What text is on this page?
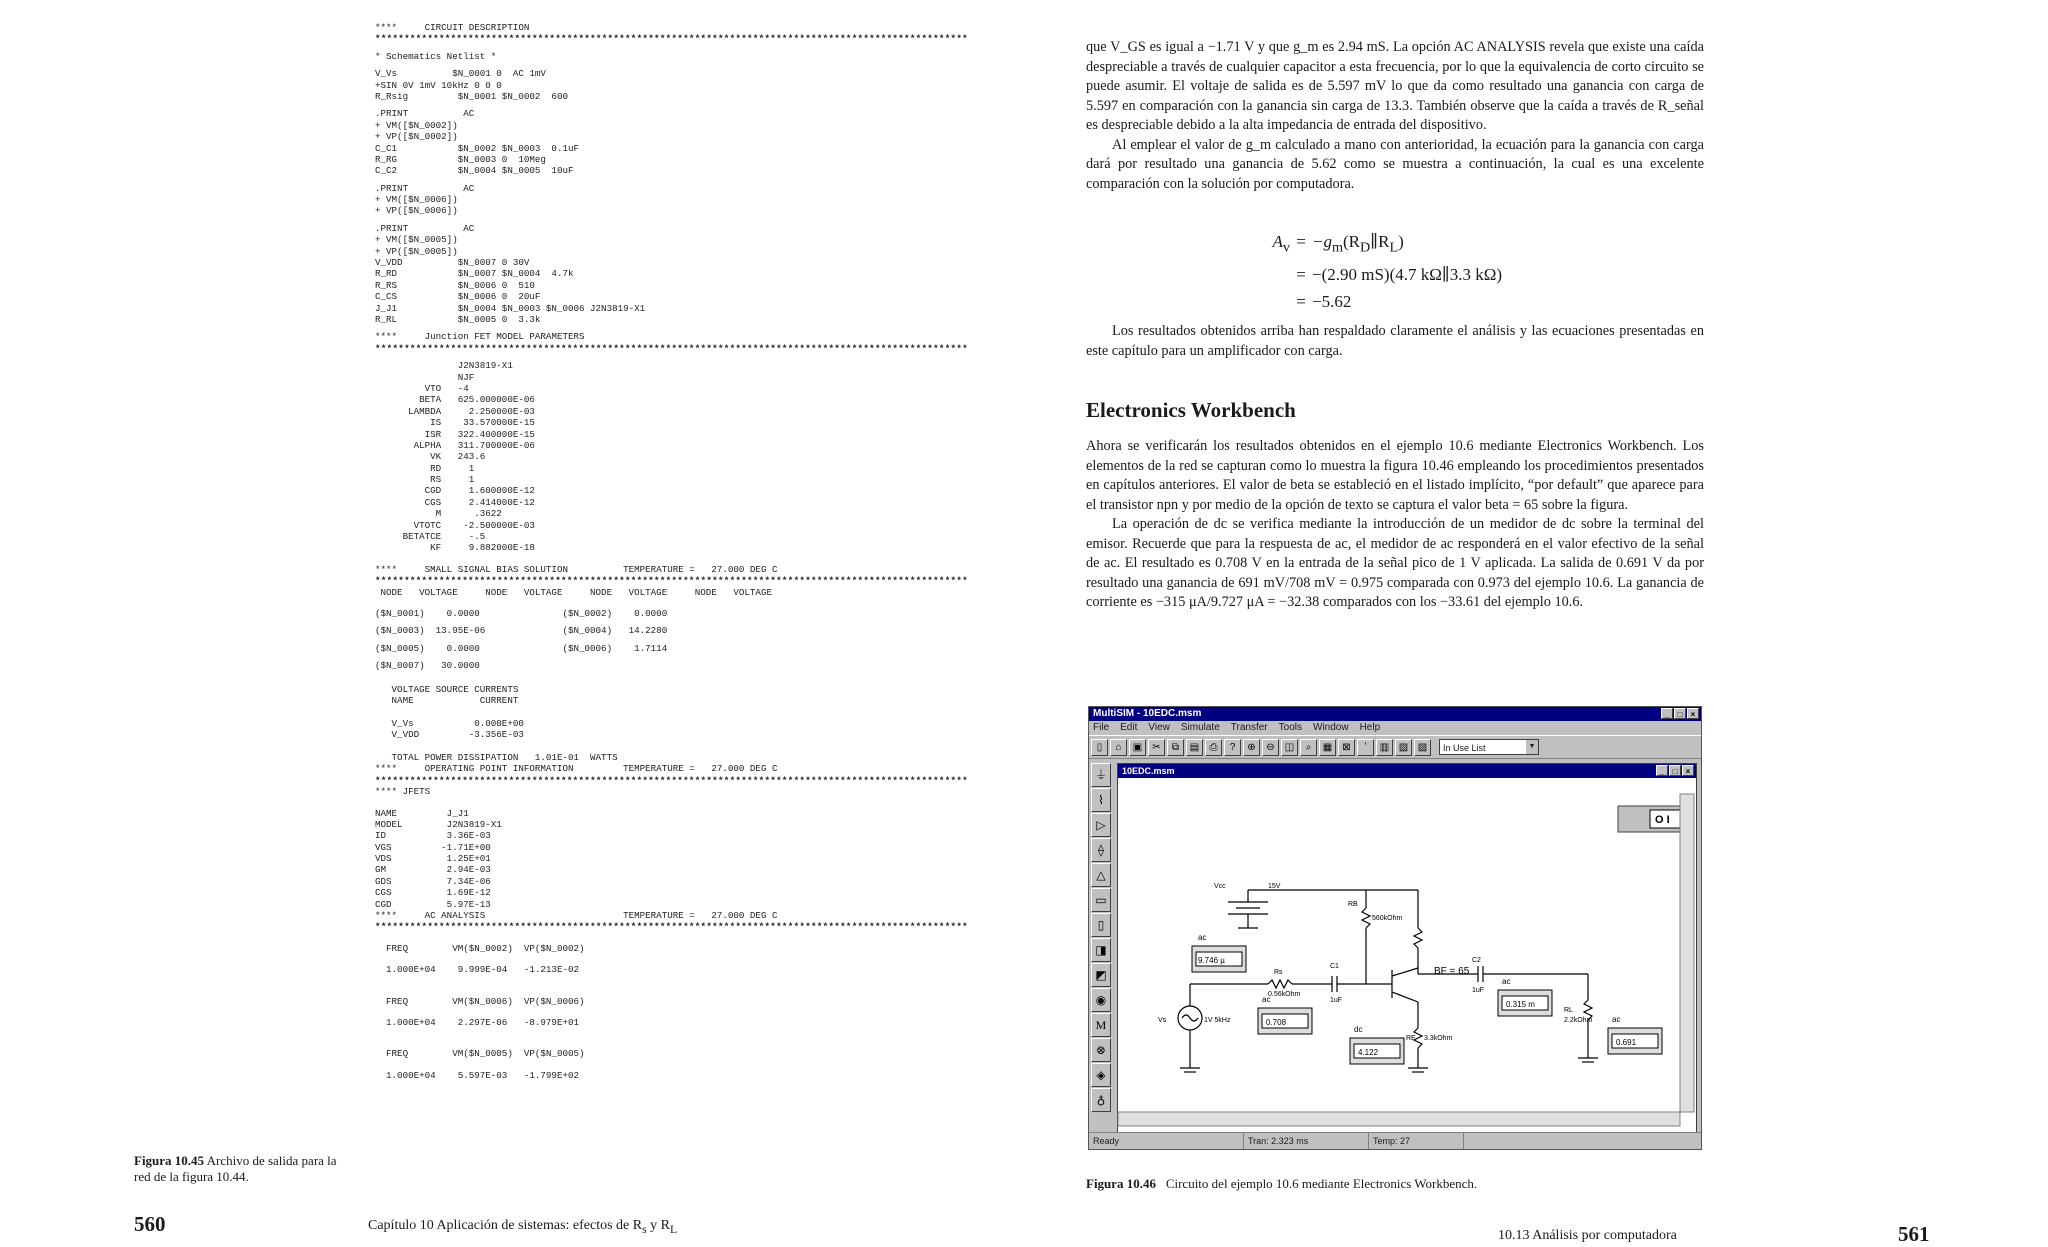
****     CIRCUIT DESCRIPTION
******************************************************************************************************
* Schematics Netlist *
V_Vs          $N_0001 0  AC 1mV
+SIN 0V 1mV 10kHz 0 0 0
R_Rsig         $N_0001 $N_0002  600
.PRINT          AC
+ VM([$N_0002])
+ VP([$N_0002])
C_C1           $N_0002 $N_0003  0.1uF
R_RG           $N_0003 0  10Meg
C_C2           $N_0004 $N_0005  10uF
.PRINT          AC
+ VM([$N_0006])
+ VP([$N_0006])
.PRINT          AC
+ VM([$N_0005])
+ VP([$N_0005])
V_VDD          $N_0007 0 30V
R_RD           $N_0007 $N_0004  4.7k
R_RS           $N_0006 0  510
C_CS           $N_0006 0  20uF
J_J1           $N_0004 $N_0003 $N_0006 J2N3819-X1
R_RL           $N_0005 0  3.3k
****     Junction FET MODEL PARAMETERS
******************************************************************************************************
J2N3819-X1
NJF
VTO   -4
BETA   625.000000E-06
LAMBDA     2.250000E-03
IS    33.570000E-15
ISR   322.400000E-15
ALPHA   311.700000E-06
VK   243.6
RD     1
RS     1
CGD     1.600000E-12
CGS     2.414000E-12
M      .3622
VTOTC    -2.500000E-03
BETATCE     -.5
KF     9.882000E-18
****     SMALL SIGNAL BIAS SOLUTION          TEMPERATURE =   27.000 DEG C
******************************************************************************************************
NODE   VOLTAGE     NODE   VOLTAGE     NODE   VOLTAGE     NODE   VOLTAGE
($N_0001)    0.0000               ($N_0002)    0.0000
($N_0003)  13.95E-06              ($N_0004)   14.2280
($N_0005)    0.0000               ($N_0006)    1.7114
($N_0007)   30.0000
VOLTAGE SOURCE CURRENTS
NAME            CURRENT
V_Vs           0.000E+00
V_VDD         -3.356E-03
TOTAL POWER DISSIPATION   1.01E-01  WATTS
****     OPERATING POINT INFORMATION         TEMPERATURE =   27.000 DEG C
******************************************************************************************************
**** JFETS
NAME         J_J1
MODEL        J2N3819-X1
ID           3.36E-03
VGS         -1.71E+00
VDS          1.25E+01
GM           2.94E-03
GDS          7.34E-06
CGS          1.69E-12
CGD          5.97E-13
****     AC ANALYSIS                         TEMPERATURE =   27.000 DEG C
******************************************************************************************************
FREQ        VM($N_0002)  VP($N_0002)
1.000E+04    9.999E-04   -1.213E-02
FREQ        VM($N_0006)  VP($N_0006)
1.000E+04    2.297E-06   -8.979E+01
FREQ        VM($N_0005)  VP($N_0005)
1.000E+04    5.597E-03   -1.799E+02
Figura 10.45 Archivo de salida para la red de la figura 10.44.
560	Capítulo 10 Aplicación de sistemas: efectos de $R_s$ y $R_L$

que V_GS es igual a −1.71 V y que g_m es 2.94 mS. La opción AC ANALYSIS revela que existe una caída despreciable a través de cualquier capacitor a esta frecuencia, por lo que la equivalencia de corto circuito se puede asumir. El voltaje de salida es de 5.597 mV lo que da como resultado una ganancia con carga de 5.597 en comparación con la ganancia sin carga de 13.3. También observe que la caída a través de R_señal es despreciable debido a la alta impedancia de entrada del dispositivo.

Al emplear el valor de g_m calculado a mano con anterioridad, la ecuación para la ganancia con carga dará por resultado una ganancia de 5.62 como se muestra a continuación, la cual es una excelente comparación con la solución por computadora.

$A_v$ = $-g_m(R_D\parallel R_L)$
= −(2.90 mS)(4.7 kΩ∥3.3 kΩ)
= −5.62

Los resultados obtenidos arriba han respaldado claramente el análisis y las ecuaciones presentadas en este capítulo para un amplificador con carga.

Electronics Workbench

Ahora se verificarán los resultados obtenidos en el ejemplo 10.6 mediante Electronics Workbench. Los elementos de la red se capturan como lo muestra la figura 10.46 empleando los procedimientos presentados en capítulos anteriores. El valor de beta se estableció en el listado implícito, “por default” que aparece para el transistor npn y por medio de la opción de texto se captura el valor beta = 65 sobre la figura.

La operación de dc se verifica mediante la introducción de un medidor de dc sobre la terminal del emisor. Recuerde que para la respuesta de ac, el medidor de ac responderá en el valor efectivo de la señal de ac. El resultado es 0.708 V en la entrada de la señal pico de 1 V aplicada. La salida de 0.691 V da por resultado una ganancia de 691 mV/708 mV = 0.975 comparada con 0.973 del ejemplo 10.6. La ganancia de corriente es −315 μA/9.727 μA = −32.38 comparados con los −33.61 del ejemplo 10.6.

MultiSIM - 10EDC.msm	_	□	×
File Edit View Simulate Transfer Tools Window Help
▯	⌂	▣	✂	⧉	▤	⎙	?	⊕	⊖	◫	⌕	▦	⊠	ʼ	▥ ▧ ▨	In Use List	▼
⏚
⌇
▷
⟠
△
▭
▯
◨
◩
◉
M
⊗
◈
♁
10EDC.msm	_	□	×
O I
9.746 µ
ac
0.708
ac
0.315 m
ac
4.122
dc
0.691
ac
Vcc	15V
RB
560kOhm
C1
1uF
Rs
0.56kOhm
BF = 65
C2
1uF
Vs	1V 5kHz
RE 3.3kOhm
RL
2.2kOhm
Ready	Tran: 2.323 ms	Temp: 27
Figura 10.46 Circuito del ejemplo 10.6 mediante Electronics Workbench.
10.13 Análisis por computadora	561
